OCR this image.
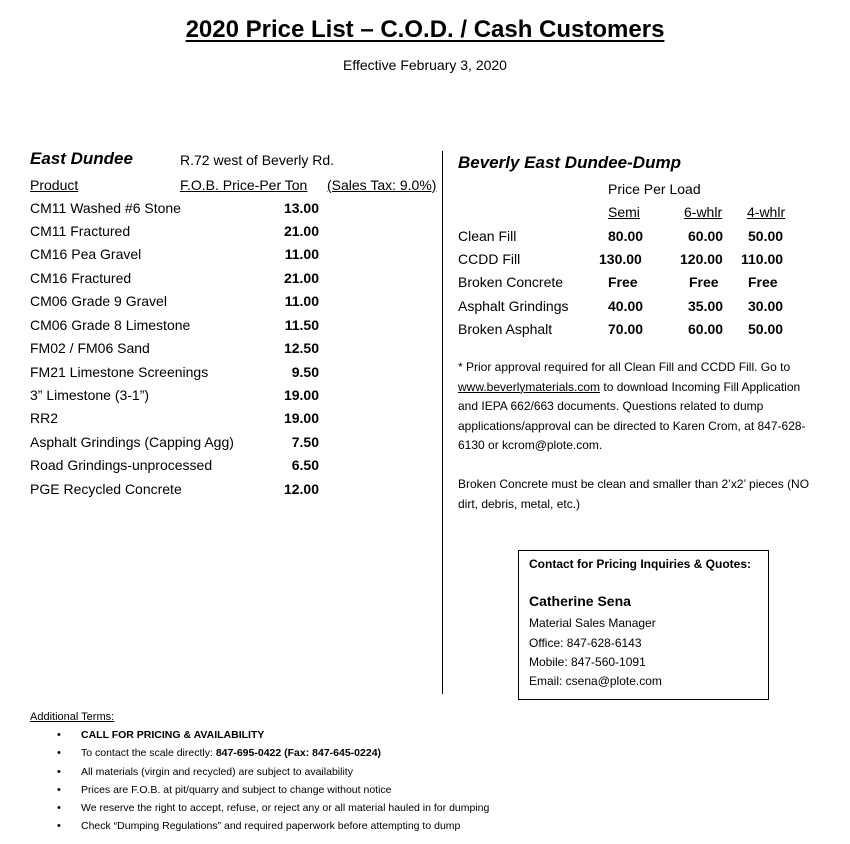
2020 Price List – C.O.D. / Cash Customers
Effective February 3, 2020
East Dundee	R.72 west of Beverly Rd.
Product	F.O.B. Price-Per Ton (Sales Tax: 9.0%)
CM11 Washed #6 Stone	13.00
CM11 Fractured	21.00
CM16 Pea Gravel	11.00
CM16 Fractured	21.00
CM06 Grade 9 Gravel	11.00
CM06 Grade 8 Limestone	11.50
FM02 / FM06 Sand	12.50
FM21 Limestone Screenings	9.50
3” Limestone (3-1”)	19.00
RR2	19.00
Asphalt Grindings (Capping Agg)	7.50
Road Grindings-unprocessed	6.50
PGE Recycled Concrete	12.00
Beverly East Dundee-Dump
Price Per Load
Semi	6-whlr 4-whlr
Clean Fill	80.00	60.00 50.00
CCDD Fill	130.00	120.00 110.00
Broken Concrete	Free	Free Free
Asphalt Grindings	40.00	35.00 30.00
Broken Asphalt	70.00	60.00 50.00
* Prior approval required for all Clean Fill and CCDD Fill. Go to www.beverlymaterials.com to download Incoming Fill Application and IEPA 662/663 documents. Questions related to dump applications/approval can be directed to Karen Crom, at 847-628-6130 or kcrom@plote.com.
Broken Concrete must be clean and smaller than 2’x2’ pieces (NO dirt, debris, metal, etc.)
Contact for Pricing Inquiries & Quotes:
Catherine Sena
Material Sales Manager
Office: 847-628-6143
Mobile: 847-560-1091
Email: csena@plote.com
Additional Terms:
• CALL FOR PRICING & AVAILABILITY
• To contact the scale directly: 847-695-0422 (Fax: 847-645-0224)
• All materials (virgin and recycled) are subject to availability
• Prices are F.O.B. at pit/quarry and subject to change without notice
• We reserve the right to accept, refuse, or reject any or all material hauled in for dumping
• Check “Dumping Regulations” and required paperwork before attempting to dump
